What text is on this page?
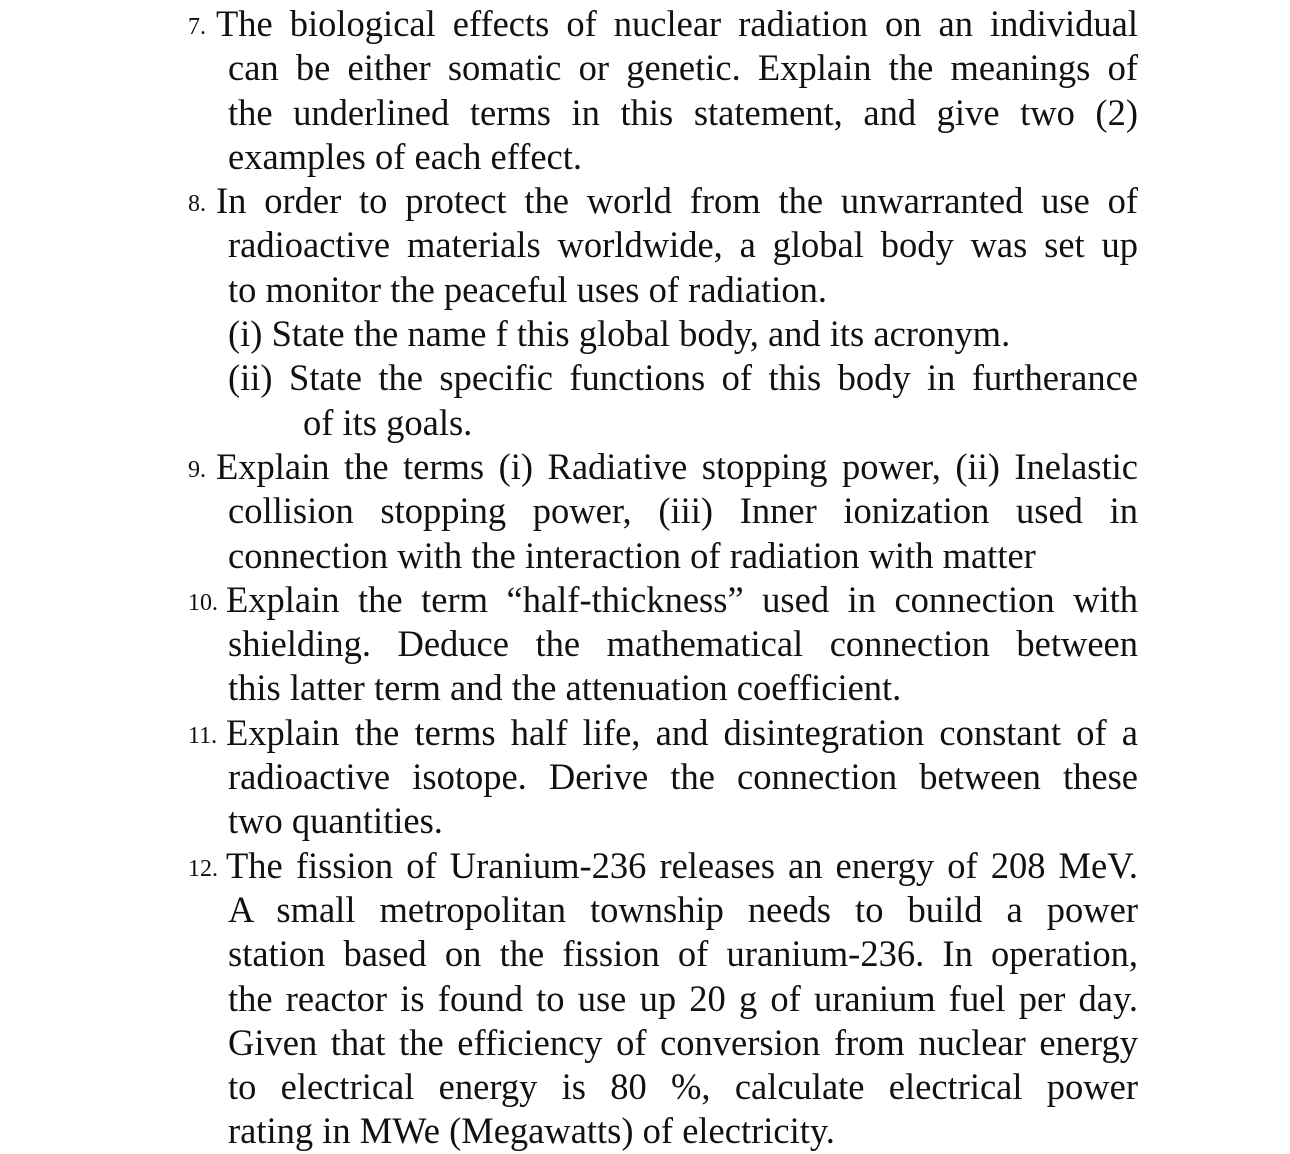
7. The biological effects of nuclear radiation on an individual
can be either somatic or genetic. Explain the meanings of
the underlined terms in this statement, and give two (2)
examples of each effect.
8. In order to protect the world from the unwarranted use of
radioactive materials worldwide, a global body was set up
to monitor the peaceful uses of radiation.
(i) State the name f this global body, and its acronym.
(ii) State the specific functions of this body in furtherance
of its goals.
9. Explain the terms (i) Radiative stopping power, (ii) Inelastic
collision stopping power, (iii) Inner ionization used in
connection with the interaction of radiation with matter
10. Explain the term “half-thickness” used in connection with
shielding. Deduce the mathematical connection between
this latter term and the attenuation coefficient.
11. Explain the terms half life, and disintegration constant of a
radioactive isotope. Derive the connection between these
two quantities.
12. The fission of Uranium-236 releases an energy of 208 MeV.
A small metropolitan township needs to build a power
station based on the fission of uranium-236. In operation,
the reactor is found to use up 20 g of uranium fuel per day.
Given that the efficiency of conversion from nuclear energy
to electrical energy is 80 %, calculate electrical power
rating in MWe (Megawatts) of electricity.
